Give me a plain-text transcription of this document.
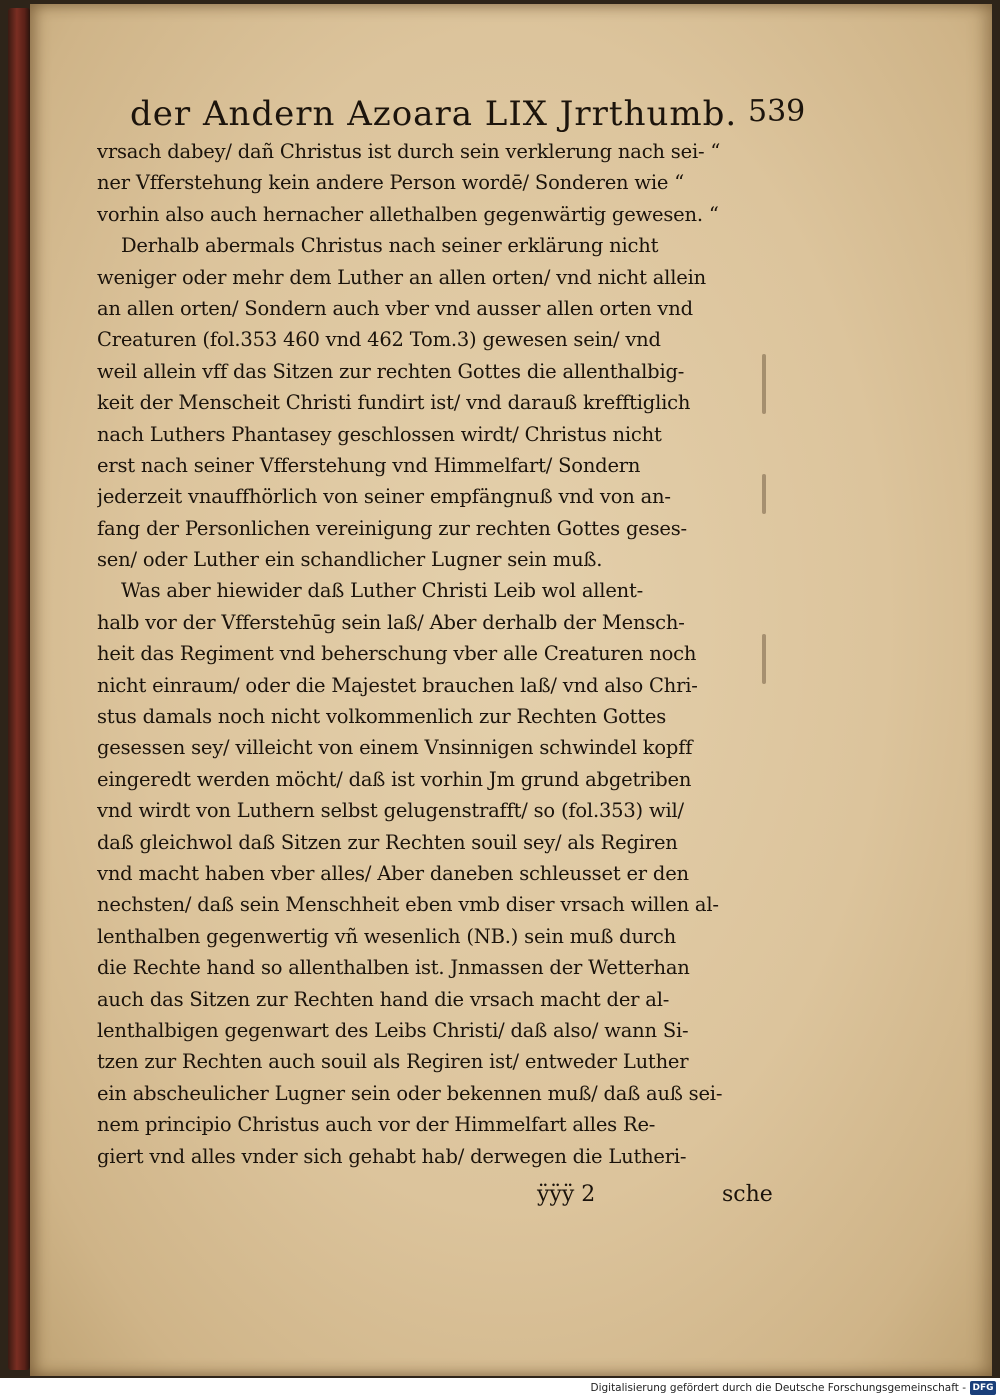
der Andern Azoara LIX Jrrthumb. 539
vrsach dabey/ dañ Christus ist durch sein verklerung nach sei- “
ner Vfferstehung kein andere Person wordē/ Sonderen wie “
vorhin also auch hernacher allethalben gegenwärtig gewesen. “
Derhalb abermals Christus nach seiner erklärung nicht
weniger oder mehr dem Luther an allen orten/ vnd nicht allein
an allen orten/ Sondern auch vber vnd ausser allen orten vnd
Creaturen (fol.353 460 vnd 462 Tom.3) gewesen sein/ vnd
weil allein vff das Sitzen zur rechten Gottes die allenthalbig-
keit der Menscheit Christi fundirt ist/ vnd darauß krefftiglich
nach Luthers Phantasey geschlossen wirdt/ Christus nicht
erst nach seiner Vfferstehung vnd Himmelfart/ Sondern
jederzeit vnauffhörlich von seiner empfängnuß vnd von an-
fang der Personlichen vereinigung zur rechten Gottes geses-
sen/ oder Luther ein schandlicher Lugner sein muß.
Was aber hiewider daß Luther Christi Leib wol allent-
halb vor der Vfferstehūg sein laß/ Aber derhalb der Mensch-
heit das Regiment vnd beherschung vber alle Creaturen noch
nicht einraum/ oder die Majestet brauchen laß/ vnd also Chri-
stus damals noch nicht volkommenlich zur Rechten Gottes
gesessen sey/ villeicht von einem Vnsinnigen schwindel kopff
eingeredt werden möcht/ daß ist vorhin Jm grund abgetriben
vnd wirdt von Luthern selbst gelugenstrafft/ so (fol.353) wil/
daß gleichwol daß Sitzen zur Rechten souil sey/ als Regiren
vnd macht haben vber alles/ Aber daneben schleusset er den
nechsten/ daß sein Menschheit eben vmb diser vrsach willen al-
lenthalben gegenwertig vñ wesenlich (NB.) sein muß durch
die Rechte hand so allenthalben ist. Jnmassen der Wetterhan
auch das Sitzen zur Rechten hand die vrsach macht der al-
lenthalbigen gegenwart des Leibs Christi/ daß also/ wann Si-
tzen zur Rechten auch souil als Regiren ist/ entweder Luther
ein abscheulicher Lugner sein oder bekennen muß/ daß auß sei-
nem principio Christus auch vor der Himmelfart alles Re-
giert vnd alles vnder sich gehabt hab/ derwegen die Lutheri-
ÿÿÿ 2	sche
Digitalisierung gefördert durch die Deutsche Forschungsgemeinschaft - DFG
